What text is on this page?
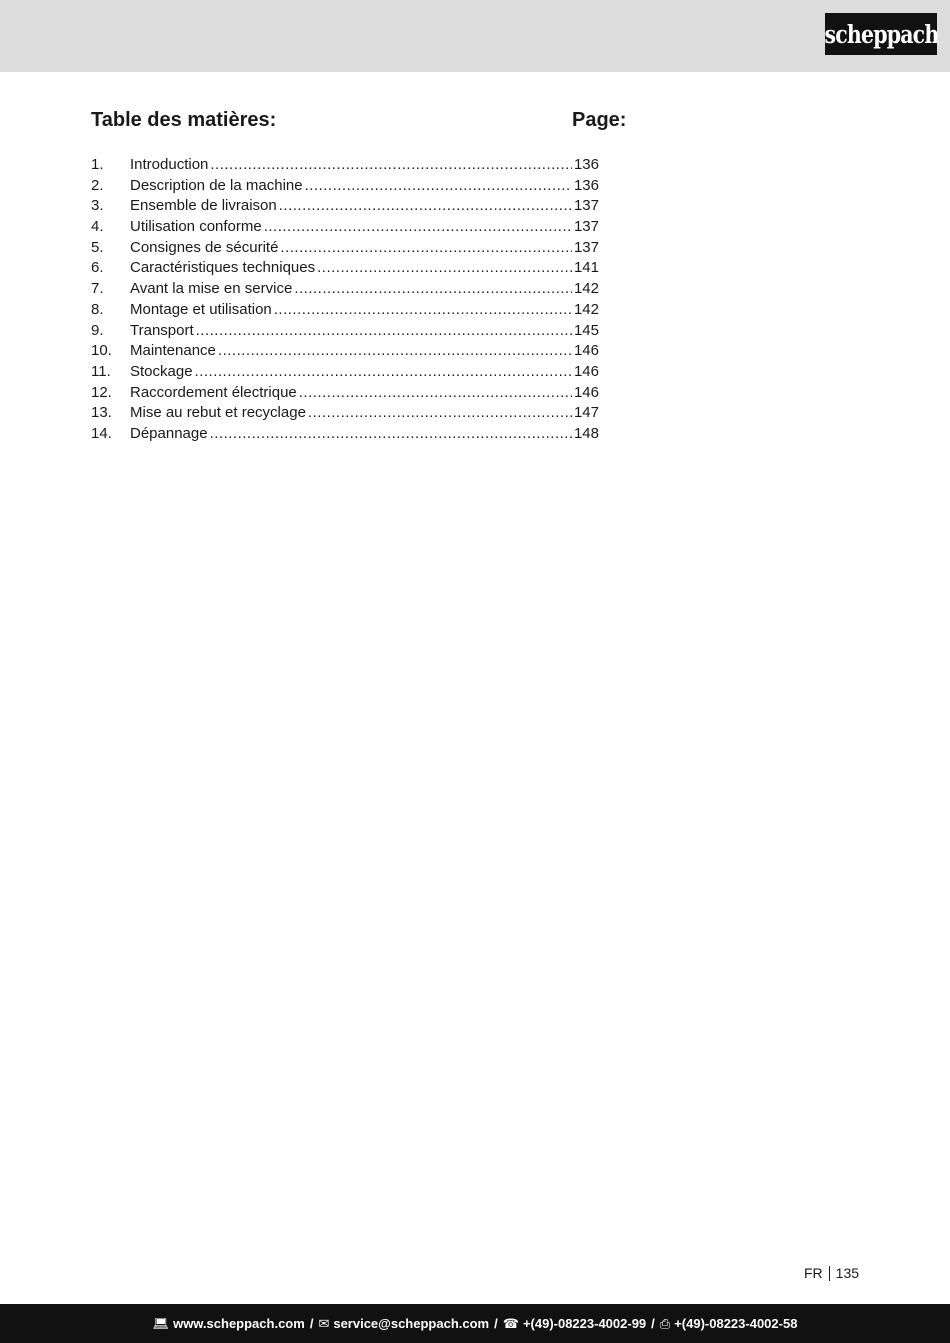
scheppach
Table des matières:	Page:
1.	Introduction .....	136
2.	Description de la machine .....	136
3.	Ensemble de livraison .....	137
4.	Utilisation conforme .....	137
5.	Consignes de sécurité .....	137
6.	Caractéristiques techniques .....	141
7.	Avant la mise en service .....	142
8.	Montage et utilisation .....	142
9.	Transport .....	145
10.	Maintenance .....	146
11.	Stockage .....	146
12.	Raccordement électrique .....	146
13.	Mise au rebut et recyclage .....	147
14.	Dépannage .....	148
FR 135
💻︎ www.scheppach.com / ✉︎ service@scheppach.com / ☎︎ +(49)-08223-4002-99 / ⎙ +(49)-08223-4002-58
